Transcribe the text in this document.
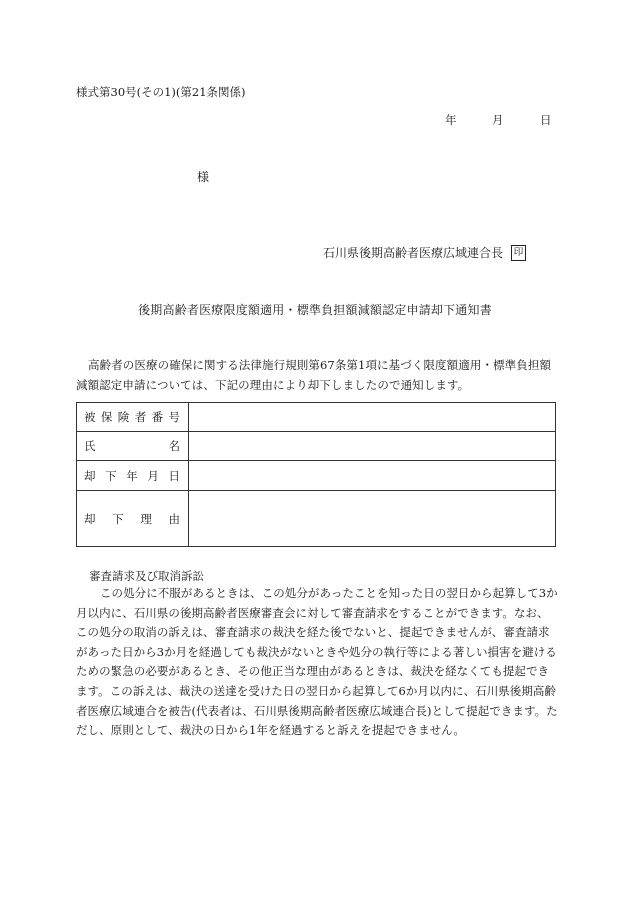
様式第30号(その1)(第21条関係)
年	月	日
様
石川県後期高齢者医療広域連合長 印
後期高齢者医療限度額適用・標準負担額減額認定申請却下通知書
高齢者の医療の確保に関する法律施行規則第67条第1項に基づく限度額適用・標準負担額減額認定申請については、下記の理由により却下しましたので通知します。
被保険者番号	
氏名	
却下年月日	
却下理由	
審査請求及び取消訴訟
この処分に不服があるときは、この処分があったことを知った日の翌日から起算して3か月以内に、石川県の後期高齢者医療審査会に対して審査請求をすることができます。なお、この処分の取消の訴えは、審査請求の裁決を経た後でないと、提起できませんが、審査請求があった日から3か月を経過しても裁決がないときや処分の執行等による著しい損害を避けるための緊急の必要があるとき、その他正当な理由があるときは、裁決を経なくても提起できます。この訴えは、裁決の送達を受けた日の翌日から起算して6か月以内に、石川県後期高齢者医療広域連合を被告(代表者は、石川県後期高齢者医療広域連合長)として提起できます。ただし、原則として、裁決の日から1年を経過すると訴えを提起できません。
